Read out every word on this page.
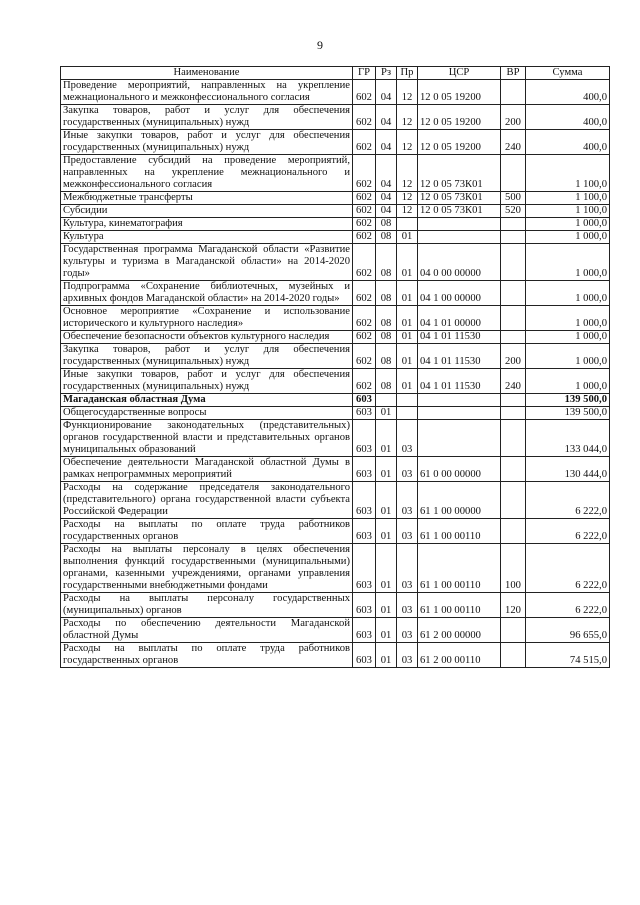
9
Наименование	ГР	Рз	Пр	ЦСР	ВР	Сумма
Проведение мероприятий, направленных на укрепление межнационального и межконфессионального согласия	602	04	12	12 0 05 19200		400,0
Закупка товаров, работ и услуг для обеспечения государственных (муниципальных) нужд	602	04	12	12 0 05 19200	200	400,0
Иные закупки товаров, работ и услуг для обеспечения государственных (муниципальных) нужд	602	04	12	12 0 05 19200	240	400,0
Предоставление субсидий на проведение мероприятий, направленных на укрепление межнационального и межконфессионального согласия	602	04	12	12 0 05 73К01		1 100,0
Межбюджетные трансферты	602	04	12	12 0 05 73К01	500	1 100,0
Субсидии	602	04	12	12 0 05 73К01	520	1 100,0
Культура, кинематография	602	08				1 000,0
Культура	602	08	01			1 000,0
Государственная программа Магаданской области «Развитие культуры и туризма в Магаданской области» на 2014-2020 годы»	602	08	01	04 0 00 00000		1 000,0
Подпрограмма «Сохранение библиотечных, музейных и архивных фондов Магаданской области» на 2014-2020 годы»	602	08	01	04 1 00 00000		1 000,0
Основное мероприятие «Сохранение и использование исторического и культурного наследия»	602	08	01	04 1 01 00000		1 000,0
Обеспечение безопасности объектов культурного наследия	602	08	01	04 1 01 11530		1 000,0
Закупка товаров, работ и услуг для обеспечения государственных (муниципальных) нужд	602	08	01	04 1 01 11530	200	1 000,0
Иные закупки товаров, работ и услуг для обеспечения государственных (муниципальных) нужд	602	08	01	04 1 01 11530	240	1 000,0
Магаданская областная Дума	603					139 500,0
Общегосударственные вопросы	603	01				139 500,0
Функционирование законодательных (представительных) органов государственной власти и представительных органов муниципальных образований	603	01	03			133 044,0
Обеспечение деятельности Магаданской областной Думы в рамках непрограммных мероприятий	603	01	03	61 0 00 00000		130 444,0
Расходы на содержание председателя законодательного (представительного) органа государственной власти субъекта Российской Федерации	603	01	03	61 1 00 00000		6 222,0
Расходы на выплаты по оплате труда работников государственных органов	603	01	03	61 1 00 00110		6 222,0
Расходы на выплаты персоналу в целях обеспечения выполнения функций государственными (муниципальными) органами, казенными учреждениями, органами управления государственными внебюджетными фондами	603	01	03	61 1 00 00110	100	6 222,0
Расходы на выплаты персоналу государственных (муниципальных) органов	603	01	03	61 1 00 00110	120	6 222,0
Расходы по обеспечению деятельности Магаданской областной Думы	603	01	03	61 2 00 00000		96 655,0
Расходы на выплаты по оплате труда работников государственных органов	603	01	03	61 2 00 00110		74 515,0
